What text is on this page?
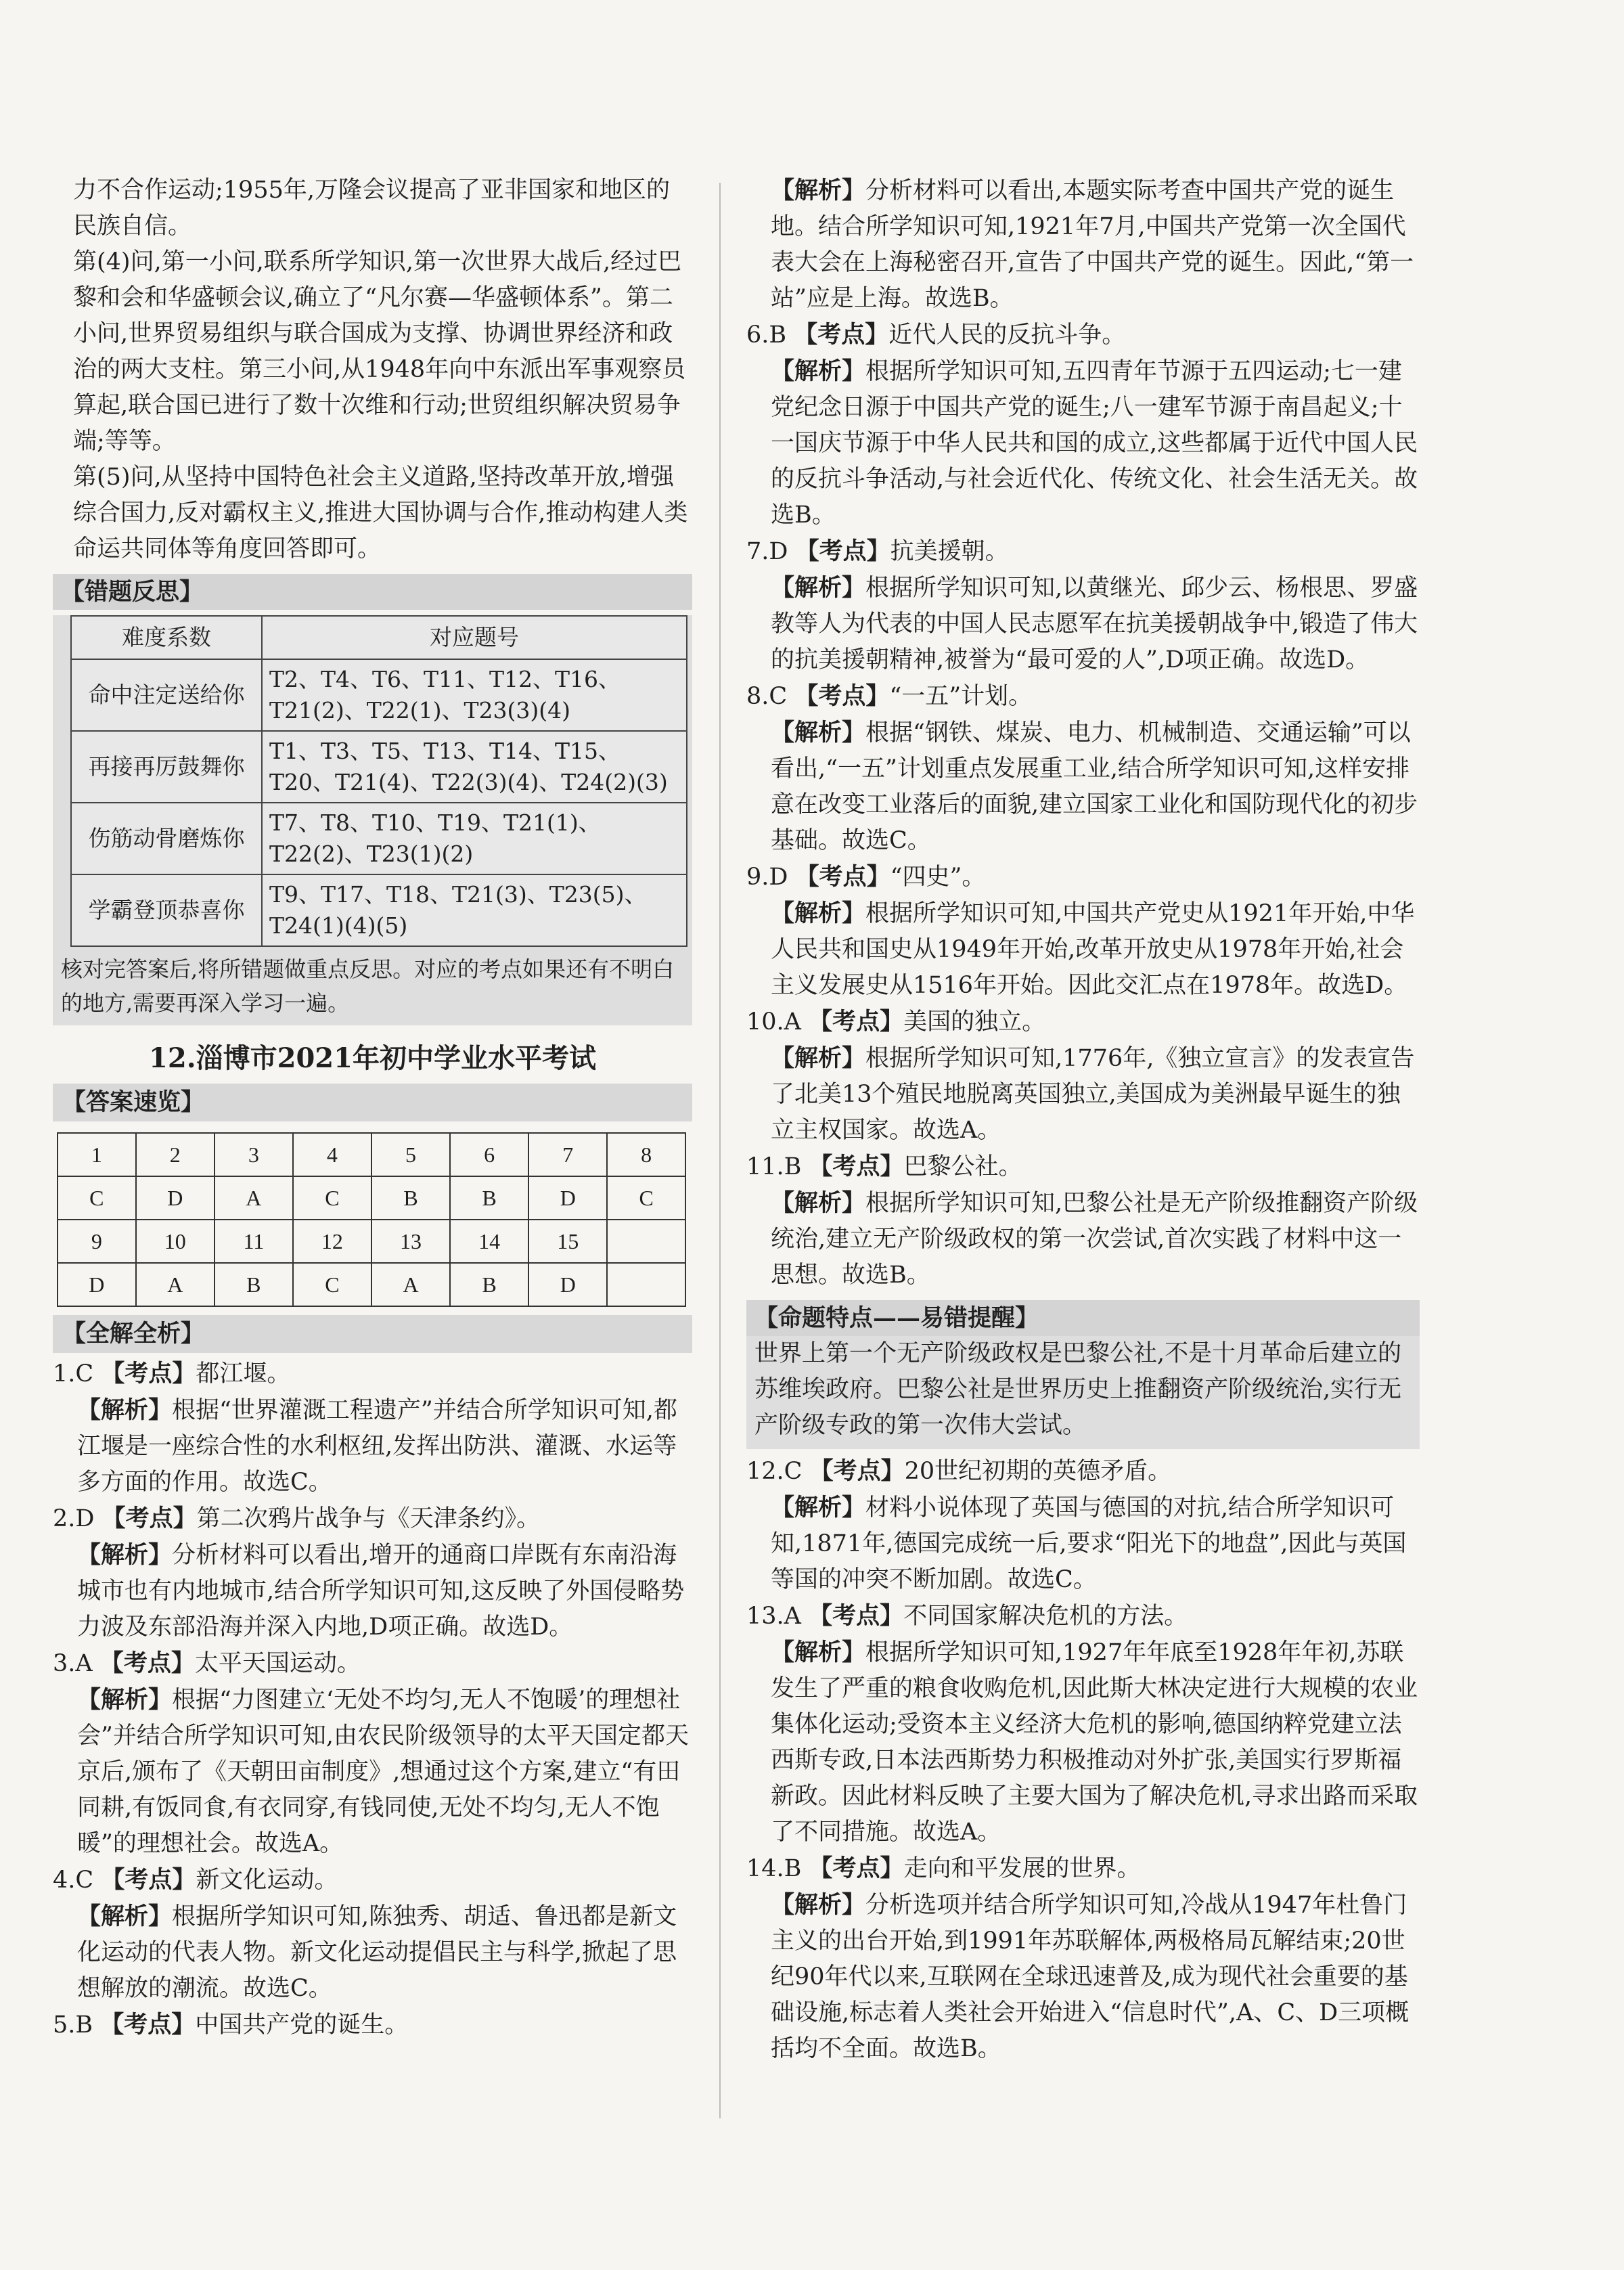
力不合作运动;1955年,万隆会议提高了亚非国家和地区的民族自信。

第(4)问,第一小问,联系所学知识,第一次世界大战后,经过巴黎和会和华盛顿会议,确立了“凡尔赛—华盛顿体系”。第二小问,世界贸易组织与联合国成为支撑、协调世界经济和政治的两大支柱。第三小问,从1948年向中东派出军事观察员算起,联合国已进行了数十次维和行动;世贸组织解决贸易争端;等等。

第(5)问,从坚持中国特色社会主义道路,坚持改革开放,增强综合国力,反对霸权主义,推进大国协调与合作,推动构建人类命运共同体等角度回答即可。

【错题反思】
难度系数	对应题号
命中注定送给你	T2、T4、T6、T11、T12、T16、T21(2)、T22(1)、T23(3)(4)
再接再厉鼓舞你	T1、T3、T5、T13、T14、T15、T20、T21(4)、T22(3)(4)、T24(2)(3)
伤筋动骨磨炼你	T7、T8、T10、T19、T21(1)、T22(2)、T23(1)(2)
学霸登顶恭喜你	T9、T17、T18、T21(3)、T23(5)、T24(1)(4)(5)

核对完答案后,将所错题做重点反思。对应的考点如果还有不明白的地方,需要再深入学习一遍。

12.淄博市2021年初中学业水平考试
【答案速览】
1	2	3	4	5	6	7	8
C	D	A	C	B	B	D	C
9	10	11	12	13	14	15	
D	A	B	C	A	B	D	
【全解全析】

1.C 【考点】都江堰。

【解析】根据“世界灌溉工程遗产”并结合所学知识可知,都江堰是一座综合性的水利枢纽,发挥出防洪、灌溉、水运等多方面的作用。故选C。

2.D 【考点】第二次鸦片战争与《天津条约》。

【解析】分析材料可以看出,增开的通商口岸既有东南沿海城市也有内地城市,结合所学知识可知,这反映了外国侵略势力波及东部沿海并深入内地,D项正确。故选D。

3.A 【考点】太平天国运动。

【解析】根据“力图建立‘无处不均匀,无人不饱暖’的理想社会”并结合所学知识可知,由农民阶级领导的太平天国定都天京后,颁布了《天朝田亩制度》,想通过这个方案,建立“有田同耕,有饭同食,有衣同穿,有钱同使,无处不均匀,无人不饱暖”的理想社会。故选A。

4.C 【考点】新文化运动。

【解析】根据所学知识可知,陈独秀、胡适、鲁迅都是新文化运动的代表人物。新文化运动提倡民主与科学,掀起了思想解放的潮流。故选C。

5.B 【考点】中国共产党的诞生。

【解析】分析材料可以看出,本题实际考查中国共产党的诞生地。结合所学知识可知,1921年7月,中国共产党第一次全国代表大会在上海秘密召开,宣告了中国共产党的诞生。因此,“第一站”应是上海。故选B。

6.B 【考点】近代人民的反抗斗争。

【解析】根据所学知识可知,五四青年节源于五四运动;七一建党纪念日源于中国共产党的诞生;八一建军节源于南昌起义;十一国庆节源于中华人民共和国的成立,这些都属于近代中国人民的反抗斗争活动,与社会近代化、传统文化、社会生活无关。故选B。

7.D 【考点】抗美援朝。

【解析】根据所学知识可知,以黄继光、邱少云、杨根思、罗盛教等人为代表的中国人民志愿军在抗美援朝战争中,锻造了伟大的抗美援朝精神,被誉为“最可爱的人”,D项正确。故选D。

8.C 【考点】“一五”计划。

【解析】根据“钢铁、煤炭、电力、机械制造、交通运输”可以看出,“一五”计划重点发展重工业,结合所学知识可知,这样安排意在改变工业落后的面貌,建立国家工业化和国防现代化的初步基础。故选C。

9.D 【考点】“四史”。

【解析】根据所学知识可知,中国共产党史从1921年开始,中华人民共和国史从1949年开始,改革开放史从1978年开始,社会主义发展史从1516年开始。因此交汇点在1978年。故选D。

10.A 【考点】美国的独立。

【解析】根据所学知识可知,1776年,《独立宣言》的发表宣告了北美13个殖民地脱离英国独立,美国成为美洲最早诞生的独立主权国家。故选A。

11.B 【考点】巴黎公社。

【解析】根据所学知识可知,巴黎公社是无产阶级推翻资产阶级统治,建立无产阶级政权的第一次尝试,首次实践了材料中这一思想。故选B。

【命题特点——易错提醒】
世界上第一个无产阶级政权是巴黎公社,不是十月革命后建立的苏维埃政府。巴黎公社是世界历史上推翻资产阶级统治,实行无产阶级专政的第一次伟大尝试。

12.C 【考点】20世纪初期的英德矛盾。

【解析】材料小说体现了英国与德国的对抗,结合所学知识可知,1871年,德国完成统一后,要求“阳光下的地盘”,因此与英国等国的冲突不断加剧。故选C。

13.A 【考点】不同国家解决危机的方法。

【解析】根据所学知识可知,1927年年底至1928年年初,苏联发生了严重的粮食收购危机,因此斯大林决定进行大规模的农业集体化运动;受资本主义经济大危机的影响,德国纳粹党建立法西斯专政,日本法西斯势力积极推动对外扩张,美国实行罗斯福新政。因此材料反映了主要大国为了解决危机,寻求出路而采取了不同措施。故选A。

14.B 【考点】走向和平发展的世界。

【解析】分析选项并结合所学知识可知,冷战从1947年杜鲁门主义的出台开始,到1991年苏联解体,两极格局瓦解结束;20世纪90年代以来,互联网在全球迅速普及,成为现代社会重要的基础设施,标志着人类社会开始进入“信息时代”,A、C、D三项概括均不全面。故选B。
